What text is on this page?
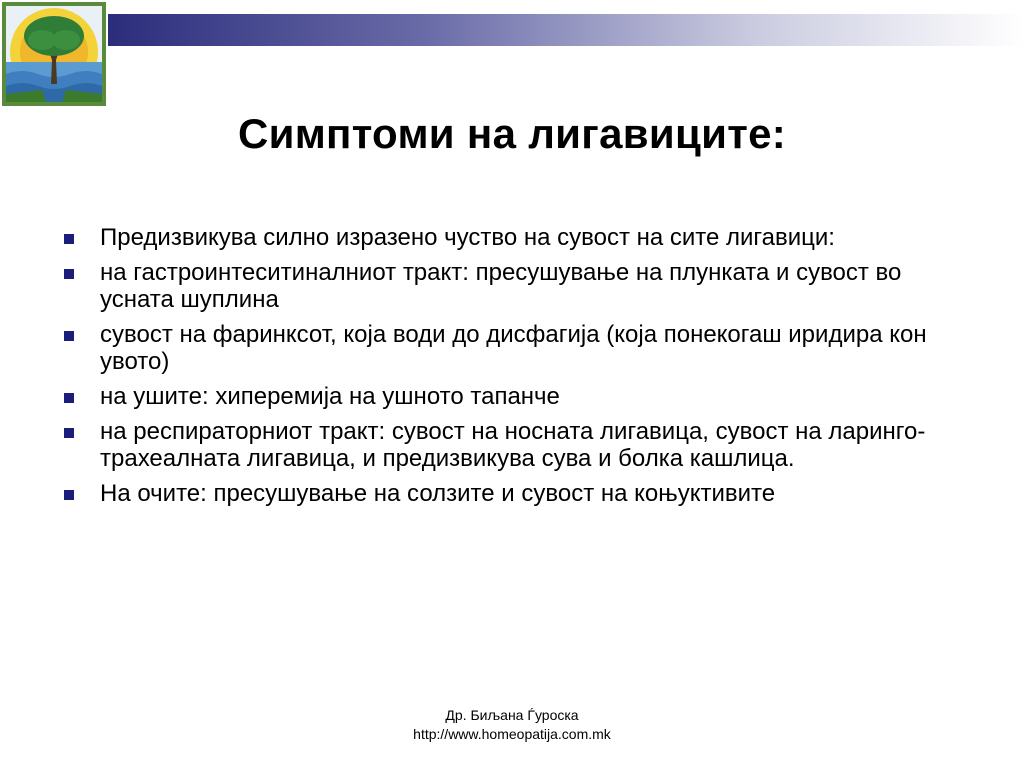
Симптоми на лигавиците:
Предизвикува силно изразено чуство на сувост на сите лигавици:
на гастроинтеситиналниот тракт: пресушување на плунката и сувост во усната шуплина
сувост на фаринксот, која води до дисфагија (која понекогаш иридира кон увото)
на ушите: хиперемија на ушното тапанче
на респираторниот тракт: сувост на носната лигавица, сувост на ларинго-трахеалната лигавица, и предизвикува сува и болка кашлица.
На очите: пресушување на солзите и сувост на коњуктивите
Др. Биљана Ѓуроска
http://www.homeopatija.com.mk
